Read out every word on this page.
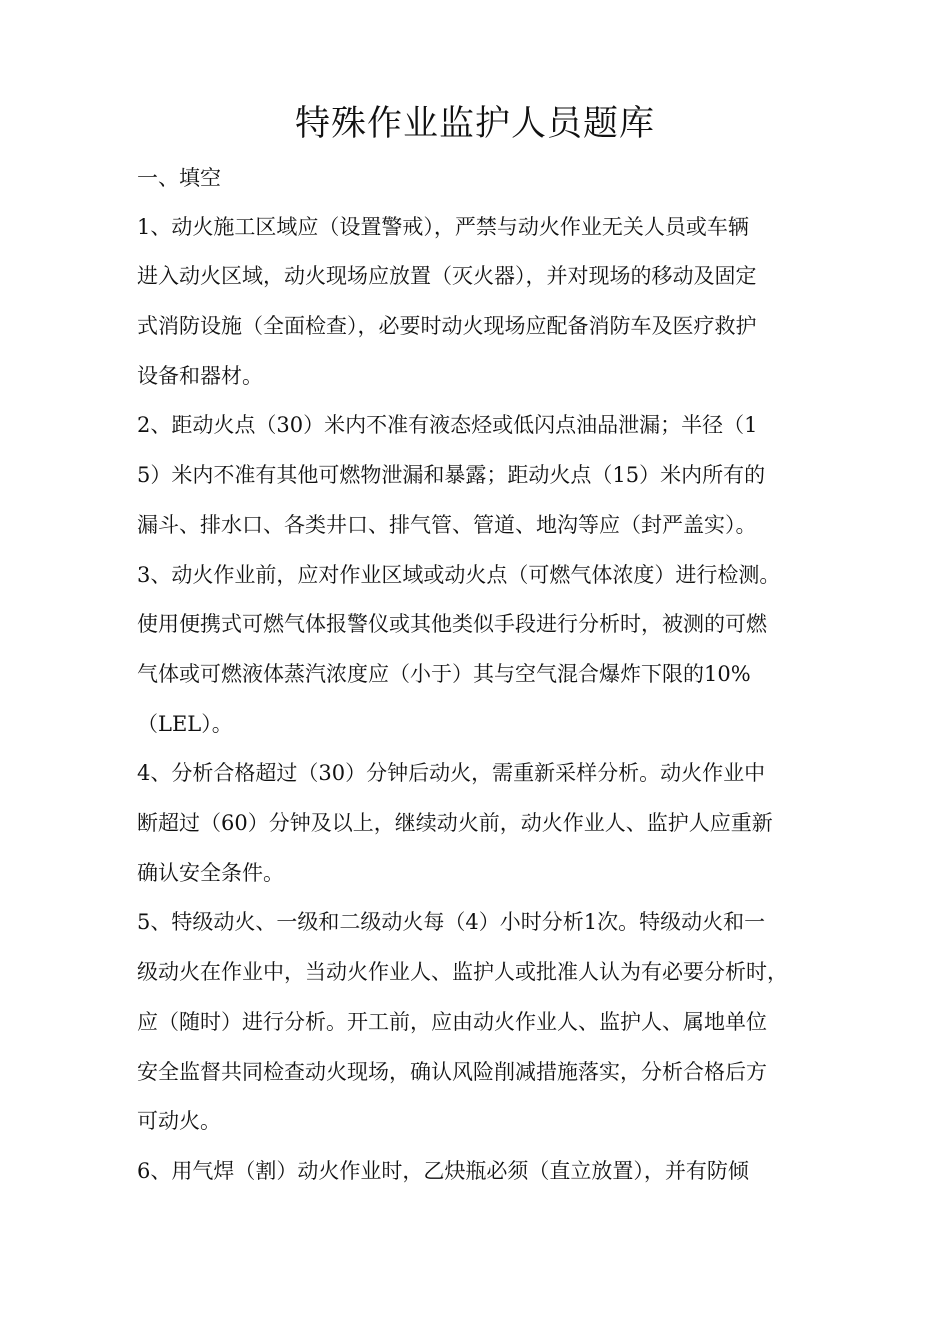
特殊作业监护人员题库
一、填空
1、动火施工区域应（设置警戒），严禁与动火作业无关人员或车辆
进入动火区域，动火现场应放置（灭火器），并对现场的移动及固定
式消防设施（全面检查），必要时动火现场应配备消防车及医疗救护
设备和器材。
2、距动火点（30）米内不准有液态烃或低闪点油品泄漏；半径（1
5）米内不准有其他可燃物泄漏和暴露；距动火点（15）米内所有的
漏斗、排水口、各类井口、排气管、管道、地沟等应（封严盖实）。
3、动火作业前，应对作业区域或动火点（可燃气体浓度）进行检测。
使用便携式可燃气体报警仪或其他类似手段进行分析时，被测的可燃
气体或可燃液体蒸汽浓度应（小于）其与空气混合爆炸下限的10%
（LEL）。
4、分析合格超过（30）分钟后动火，需重新采样分析。动火作业中
断超过（60）分钟及以上，继续动火前，动火作业人、监护人应重新
确认安全条件。
5、特级动火、一级和二级动火每（4）小时分析1次。特级动火和一
级动火在作业中，当动火作业人、监护人或批准人认为有必要分析时，
应（随时）进行分析。开工前，应由动火作业人、监护人、属地单位
安全监督共同检查动火现场，确认风险削减措施落实，分析合格后方
可动火。
6、用气焊（割）动火作业时，乙炔瓶必须（直立放置），并有防倾
